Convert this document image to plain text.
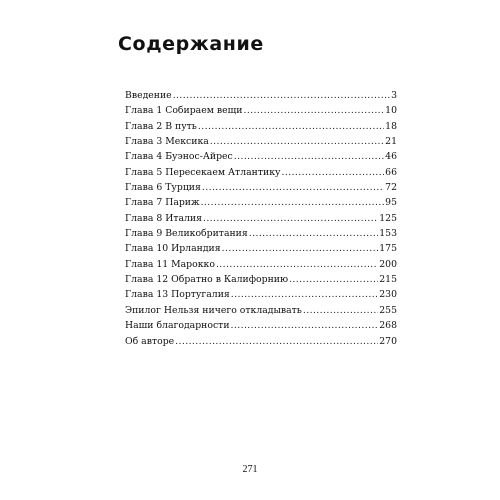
Содержание
Введение .....	3
Глава 1 Собираем вещи .....	10
Глава 2 В путь .....	18
Глава 3 Мексика .....	21
Глава 4 Буэнос-Айрес .....	46
Глава 5 Пересекаем Атлантику .....	66
Глава 6 Турция .....	72
Глава 7 Париж .....	95
Глава 8 Италия .....	125
Глава 9 Великобритания .....	153
Глава 10 Ирландия .....	175
Глава 11 Марокко .....	200
Глава 12 Обратно в Калифорнию .....	215
Глава 13 Португалия .....	230
Эпилог Нельзя ничего откладывать .....	255
Наши благодарности .....	268
Об авторе .....	270
271
